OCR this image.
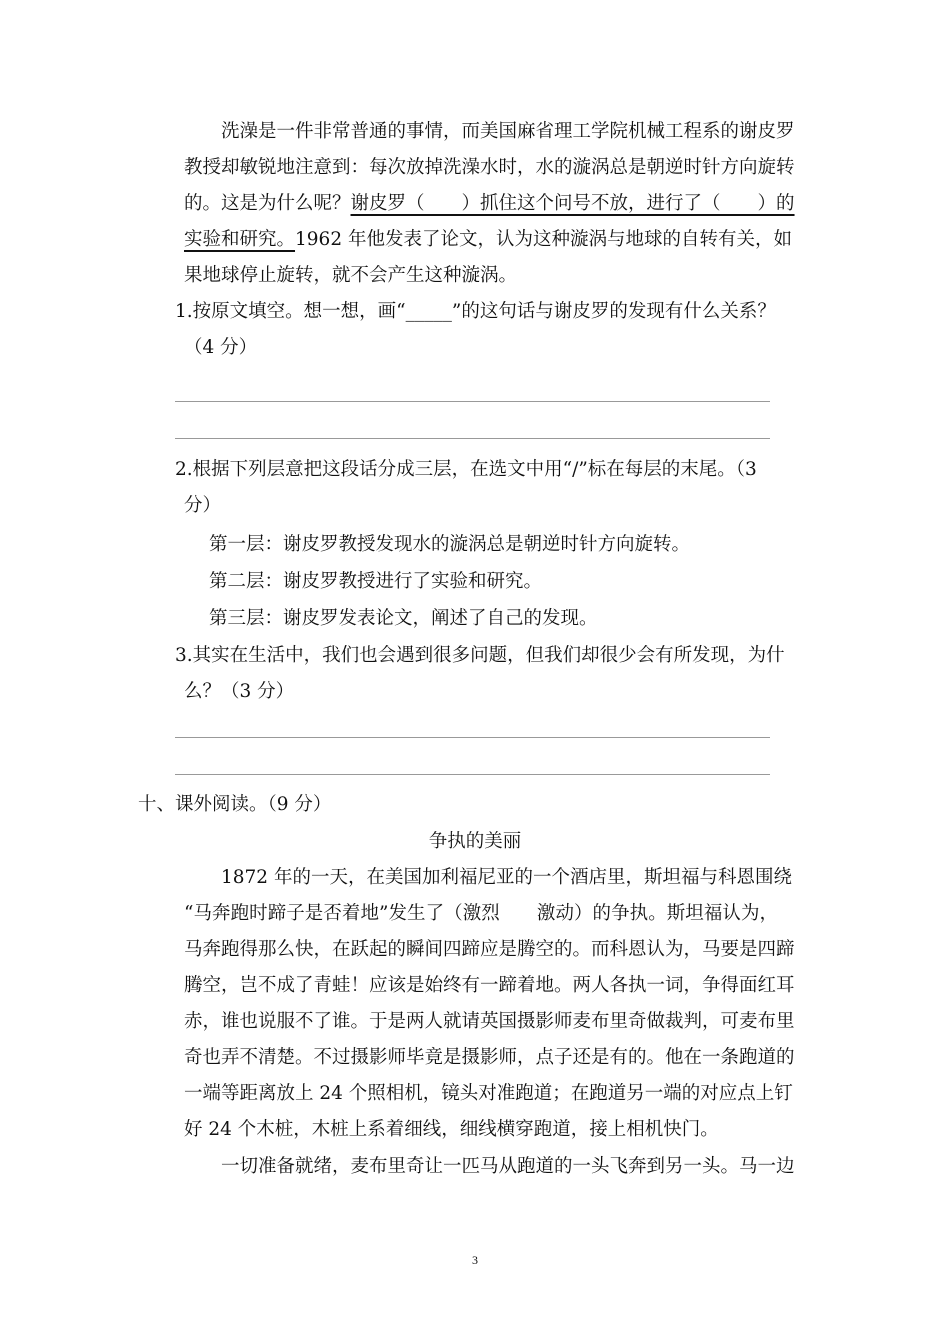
洗澡是一件非常普通的事情，而美国麻省理工学院机械工程系的谢皮罗
教授却敏锐地注意到：每次放掉洗澡水时，水的漩涡总是朝逆时针方向旋转
的。这是为什么呢？谢皮罗（　　）抓住这个问号不放，进行了（　　）的
实验和研究。1962 年他发表了论文，认为这种漩涡与地球的自转有关，如
果地球停止旋转，就不会产生这种漩涡。
1.按原文填空。想一想，画“_____”的这句话与谢皮罗的发现有什么关系？
（4 分）
2.根据下列层意把这段话分成三层，在选文中用“/”标在每层的末尾。（3
分）
第一层：谢皮罗教授发现水的漩涡总是朝逆时针方向旋转。
第二层：谢皮罗教授进行了实验和研究。
第三层：谢皮罗发表论文，阐述了自己的发现。
3.其实在生活中，我们也会遇到很多问题，但我们却很少会有所发现，为什
么？（3 分）
十、课外阅读。（9 分）
争执的美丽
1872 年的一天，在美国加利福尼亚的一个酒店里，斯坦福与科恩围绕
“马奔跑时蹄子是否着地”发生了（激烈　　激动）的争执。斯坦福认为，
马奔跑得那么快，在跃起的瞬间四蹄应是腾空的。而科恩认为，马要是四蹄
腾空，岂不成了青蛙！应该是始终有一蹄着地。两人各执一词，争得面红耳
赤，谁也说服不了谁。于是两人就请英国摄影师麦布里奇做裁判，可麦布里
奇也弄不清楚。不过摄影师毕竟是摄影师，点子还是有的。他在一条跑道的
一端等距离放上 24 个照相机，镜头对准跑道；在跑道另一端的对应点上钉
好 24 个木桩，木桩上系着细线，细线横穿跑道，接上相机快门。
一切准备就绪，麦布里奇让一匹马从跑道的一头飞奔到另一头。马一边
3
